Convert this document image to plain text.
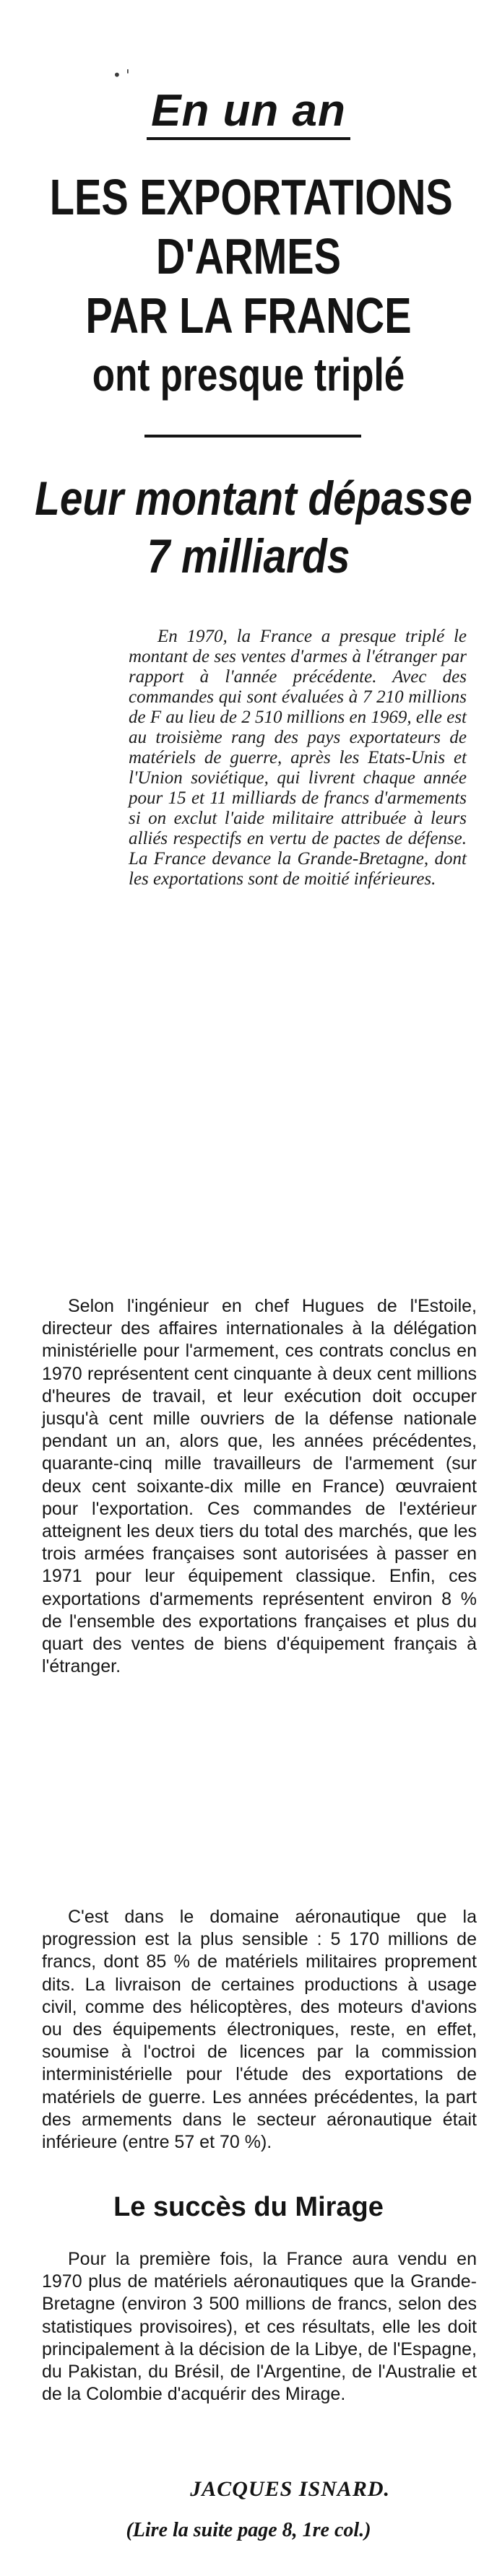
• '
En un an
LES EXPORTATIONS
D'ARMES
PAR LA FRANCE
ont presque triplé
Leur montant dépasse
7 milliards

En 1970, la France a presque triplé le montant de ses ventes d'armes à l'étranger par rapport à l'année précédente. Avec des commandes qui sont évaluées à 7 210 millions de F au lieu de 2 510 millions en 1969, elle est au troisième rang des pays exportateurs de matériels de guerre, après les Etats-Unis et l'Union soviétique, qui livrent chaque année pour 15 et 11 milliards de francs d'armements si on exclut l'aide militaire attribuée à leurs alliés respectifs en vertu de pactes de défense. La France devance la Grande-Bretagne, dont les exportations sont de moitié inférieures.

Selon l'ingénieur en chef Hugues de l'Estoile, directeur des affaires internationales à la délégation ministérielle pour l'armement, ces contrats conclus en 1970 représentent cent cinquante à deux cent millions d'heures de travail, et leur exécution doit occuper jusqu'à cent mille ouvriers de la défense nationale pendant un an, alors que, les années précédentes, quarante-cinq mille travailleurs de l'armement (sur deux cent soixante-dix mille en France) œuvraient pour l'exportation. Ces commandes de l'extérieur atteignent les deux tiers du total des marchés, que les trois armées françaises sont autorisées à passer en 1971 pour leur équipement classique. Enfin, ces exportations d'armements représentent environ 8 % de l'ensemble des exportations françaises et plus du quart des ventes de biens d'équipement français à l'étranger.

C'est dans le domaine aéronautique que la progression est la plus sensible : 5 170 millions de francs, dont 85 % de matériels militaires proprement dits. La livraison de certaines productions à usage civil, comme des hélicoptères, des moteurs d'avions ou des équipements électroniques, reste, en effet, soumise à l'octroi de licences par la commission interministérielle pour l'étude des exportations de matériels de guerre. Les années précédentes, la part des armements dans le secteur aéronautique était inférieure (entre 57 et 70 %).

Le succès du Mirage

Pour la première fois, la France aura vendu en 1970 plus de matériels aéronautiques que la Grande-Bretagne (environ 3 500 millions de francs, selon des statistiques provisoires), et ces résultats, elle les doit principalement à la décision de la Libye, de l'Espagne, du Pakistan, du Brésil, de l'Argentine, de l'Australie et de la Colombie d'acquérir des Mirage.

JACQUES ISNARD.
(Lire la suite page 8, 1re col.)
